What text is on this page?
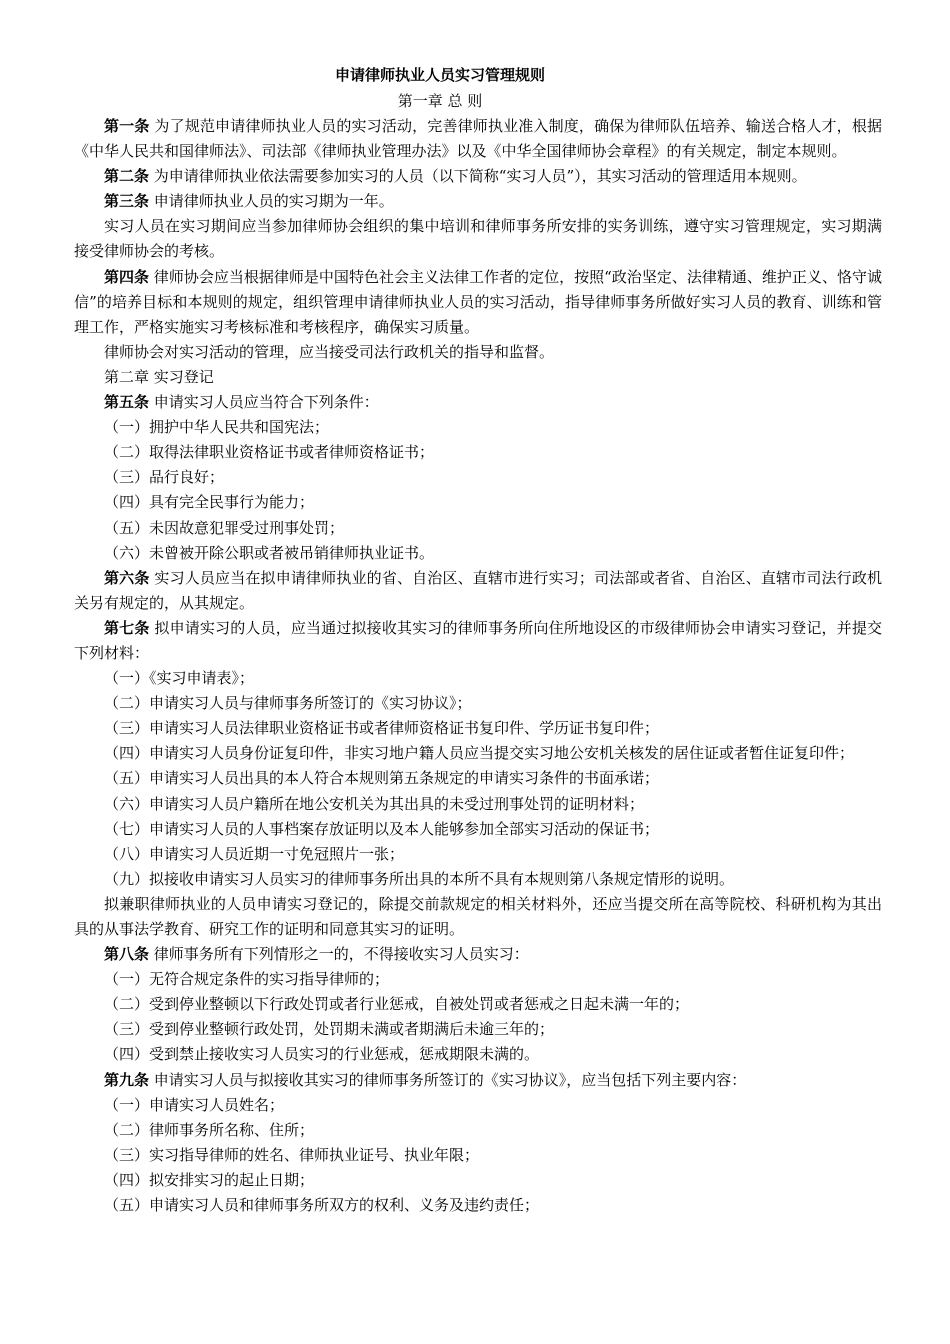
申请律师执业人员实习管理规则
第一章 总 则

第一条 为了规范申请律师执业人员的实习活动，完善律师执业准入制度，确保为律师队伍培养、输送合格人才，根据《中华人民共和国律师法》、司法部《律师执业管理办法》以及《中华全国律师协会章程》的有关规定，制定本规则。

第二条 为申请律师执业依法需要参加实习的人员（以下简称“实习人员”），其实习活动的管理适用本规则。

第三条 申请律师执业人员的实习期为一年。

实习人员在实习期间应当参加律师协会组织的集中培训和律师事务所安排的实务训练，遵守实习管理规定，实习期满接受律师协会的考核。

第四条 律师协会应当根据律师是中国特色社会主义法律工作者的定位，按照“政治坚定、法律精通、维护正义、恪守诚信”的培养目标和本规则的规定，组织管理申请律师执业人员的实习活动，指导律师事务所做好实习人员的教育、训练和管理工作，严格实施实习考核标准和考核程序，确保实习质量。

律师协会对实习活动的管理，应当接受司法行政机关的指导和监督。

第二章 实习登记

第五条 申请实习人员应当符合下列条件：

（一）拥护中华人民共和国宪法；

（二）取得法律职业资格证书或者律师资格证书；

（三）品行良好；

（四）具有完全民事行为能力；

（五）未因故意犯罪受过刑事处罚；

（六）未曾被开除公职或者被吊销律师执业证书。

第六条 实习人员应当在拟申请律师执业的省、自治区、直辖市进行实习；司法部或者省、自治区、直辖市司法行政机关另有规定的，从其规定。

第七条 拟申请实习的人员，应当通过拟接收其实习的律师事务所向住所地设区的市级律师协会申请实习登记，并提交下列材料：

（一）《实习申请表》；

（二）申请实习人员与律师事务所签订的《实习协议》；

（三）申请实习人员法律职业资格证书或者律师资格证书复印件、学历证书复印件；

（四）申请实习人员身份证复印件，非实习地户籍人员应当提交实习地公安机关核发的居住证或者暂住证复印件；

（五）申请实习人员出具的本人符合本规则第五条规定的申请实习条件的书面承诺；

（六）申请实习人员户籍所在地公安机关为其出具的未受过刑事处罚的证明材料；

（七）申请实习人员的人事档案存放证明以及本人能够参加全部实习活动的保证书；

（八）申请实习人员近期一寸免冠照片一张；

（九）拟接收申请实习人员实习的律师事务所出具的本所不具有本规则第八条规定情形的说明。

拟兼职律师执业的人员申请实习登记的，除提交前款规定的相关材料外，还应当提交所在高等院校、科研机构为其出具的从事法学教育、研究工作的证明和同意其实习的证明。

第八条 律师事务所有下列情形之一的，不得接收实习人员实习：

（一）无符合规定条件的实习指导律师的；

（二）受到停业整顿以下行政处罚或者行业惩戒，自被处罚或者惩戒之日起未满一年的；

（三）受到停业整顿行政处罚，处罚期未满或者期满后未逾三年的；

（四）受到禁止接收实习人员实习的行业惩戒，惩戒期限未满的。

第九条 申请实习人员与拟接收其实习的律师事务所签订的《实习协议》，应当包括下列主要内容：

（一）申请实习人员姓名；

（二）律师事务所名称、住所；

（三）实习指导律师的姓名、律师执业证号、执业年限；

（四）拟安排实习的起止日期；

（五）申请实习人员和律师事务所双方的权利、义务及违约责任；
